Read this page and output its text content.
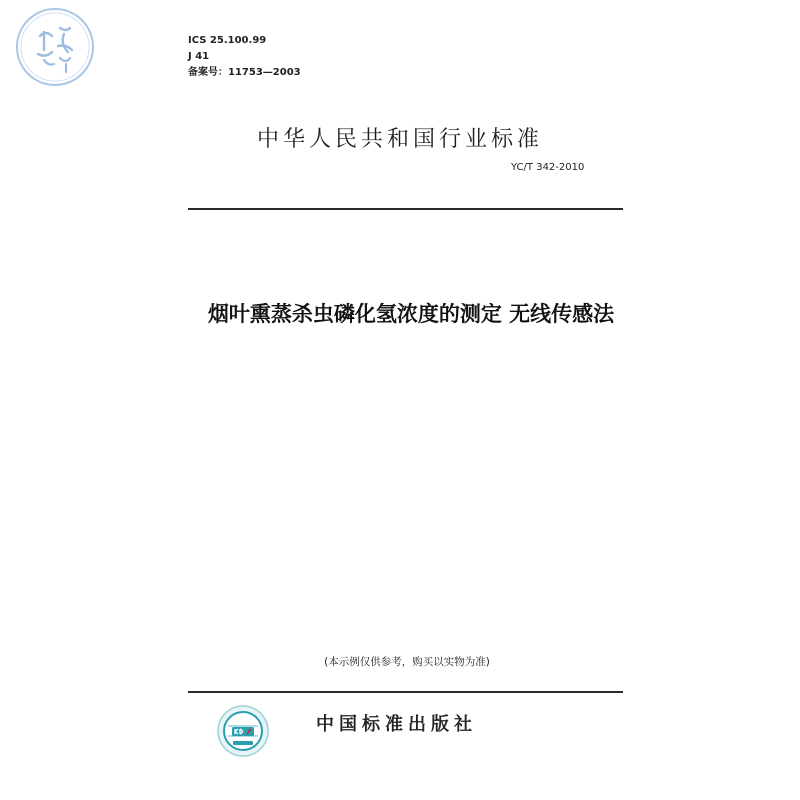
ICS 25.100.99
J 41
备案号：11753—2003
中华人民共和国行业标准
YC/T 342-2010
烟叶熏蒸杀虫磷化氢浓度的测定 无线传感法
(本示例仅供参考，购买以实物为准)
中国标准出版社
